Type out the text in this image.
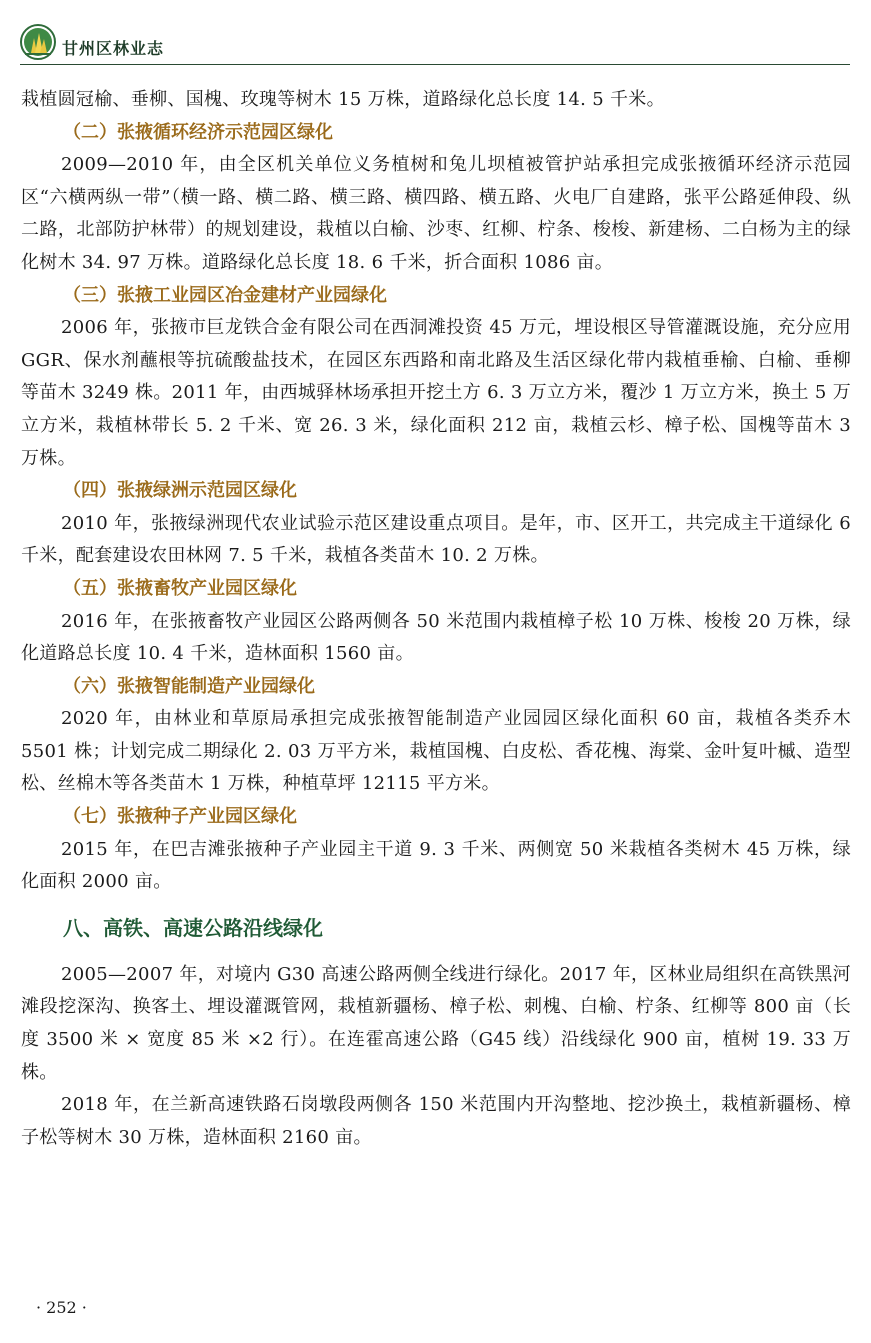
甘州区林业志

栽植圆冠榆、垂柳、国槐、玫瑰等树木 15 万株，道路绿化总长度 14. 5 千米。

（二）张掖循环经济示范园区绿化

2009—2010 年，由全区机关单位义务植树和兔儿坝植被管护站承担完成张掖循环经济示范园区“六横两纵一带”（横一路、横二路、横三路、横四路、横五路、火电厂自建路，张平公路延伸段、纵二路，北部防护林带）的规划建设，栽植以白榆、沙枣、红柳、柠条、梭梭、新建杨、二白杨为主的绿化树木 34. 97 万株。道路绿化总长度 18. 6 千米，折合面积 1086 亩。

（三）张掖工业园区冶金建材产业园绿化

2006 年，张掖市巨龙铁合金有限公司在西洞滩投资 45 万元，埋设根区导管灌溉设施，充分应用 GGR、保水剂蘸根等抗硫酸盐技术，在园区东西路和南北路及生活区绿化带内栽植垂榆、白榆、垂柳等苗木 3249 株。2011 年，由西城驿林场承担开挖土方 6. 3 万立方米，覆沙 1 万立方米，换土 5 万立方米，栽植林带长 5. 2 千米、宽 26. 3 米，绿化面积 212 亩，栽植云杉、樟子松、国槐等苗木 3 万株。

（四）张掖绿洲示范园区绿化

2010 年，张掖绿洲现代农业试验示范区建设重点项目。是年，市、区开工，共完成主干道绿化 6 千米，配套建设农田林网 7. 5 千米，栽植各类苗木 10. 2 万株。

（五）张掖畜牧产业园区绿化

2016 年，在张掖畜牧产业园区公路两侧各 50 米范围内栽植樟子松 10 万株、梭梭 20 万株，绿化道路总长度 10. 4 千米，造林面积 1560 亩。

（六）张掖智能制造产业园绿化

2020 年，由林业和草原局承担完成张掖智能制造产业园园区绿化面积 60 亩，栽植各类乔木 5501 株；计划完成二期绿化 2. 03 万平方米，栽植国槐、白皮松、香花槐、海棠、金叶复叶槭、造型松、丝棉木等各类苗木 1 万株，种植草坪 12115 平方米。

（七）张掖种子产业园区绿化

2015 年，在巴吉滩张掖种子产业园主干道 9. 3 千米、两侧宽 50 米栽植各类树木 45 万株，绿化面积 2000 亩。

八、高铁、高速公路沿线绿化

2005—2007 年，对境内 G30 高速公路两侧全线进行绿化。2017 年，区林业局组织在高铁黑河滩段挖深沟、换客土、埋设灌溉管网，栽植新疆杨、樟子松、刺槐、白榆、柠条、红柳等 800 亩（长度 3500 米 × 宽度 85 米 ×2 行）。在连霍高速公路（G45 线）沿线绿化 900 亩，植树 19. 33 万株。

2018 年，在兰新高速铁路石岗墩段两侧各 150 米范围内开沟整地、挖沙换土，栽植新疆杨、樟子松等树木 30 万株，造林面积 2160 亩。

· 252 ·
